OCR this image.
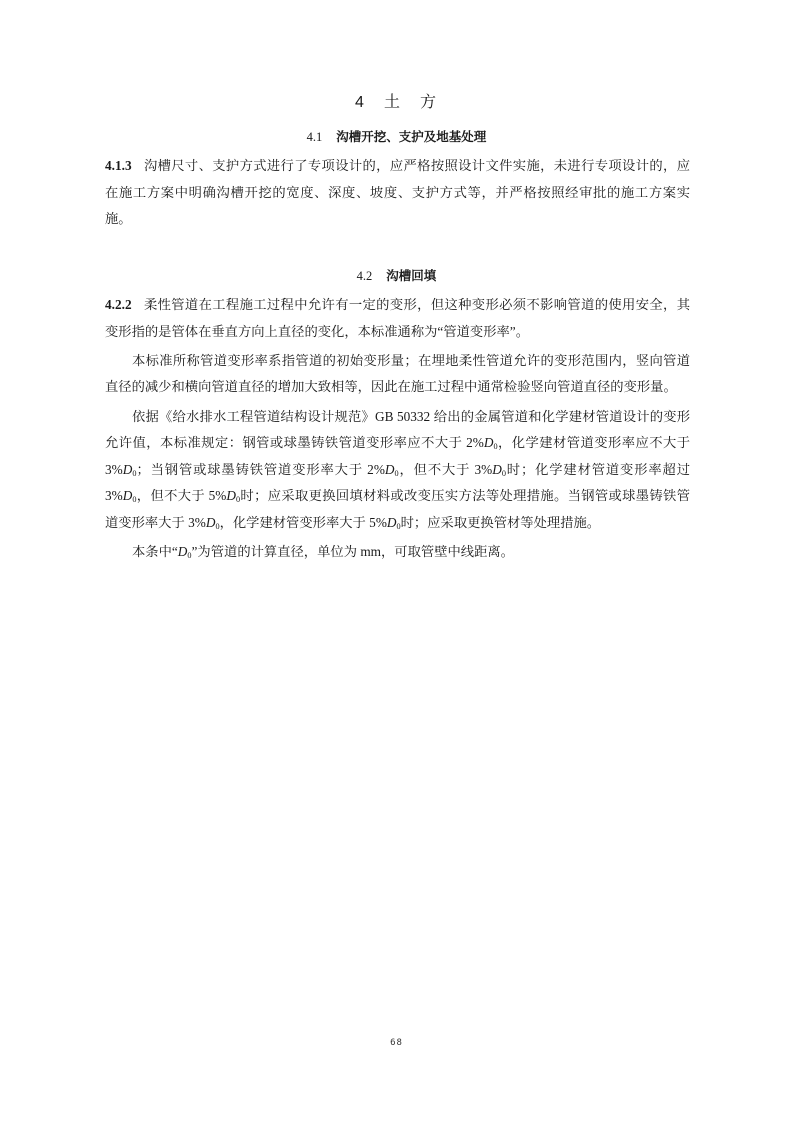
4　土　方
4.1 沟槽开挖、支护及地基处理
4.1.3 沟槽尺寸、支护方式进行了专项设计的，应严格按照设计文件实施，未进行专项设计的，应
在施工方案中明确沟槽开挖的宽度、深度、坡度、支护方式等，并严格按照经审批的施工方案实
施。
4.2 沟槽回填
4.2.2 柔性管道在工程施工过程中允许有一定的变形，但这种变形必须不影响管道的使用安全，其
变形指的是管体在垂直方向上直径的变化，本标准通称为“管道变形率”。
本标准所称管道变形率系指管道的初始变形量；在埋地柔性管道允许的变形范围内，竖向管道
直径的减少和横向管道直径的增加大致相等，因此在施工过程中通常检验竖向管道直径的变形量。
依据《给水排水工程管道结构设计规范》GB 50332 给出的金属管道和化学建材管道设计的变形
允许值，本标准规定：钢管或球墨铸铁管道变形率应不大于 $2\%D_0$，化学建材管道变形率应不大于
$3\%D_0$；当钢管或球墨铸铁管道变形率大于 $2\%D_0$，但不大于 $3\%D_0$时；化学建材管道变形率超过
$3\%D_0$，但不大于 $5\%D_0$时；应采取更换回填材料或改变压实方法等处理措施。当钢管或球墨铸铁管
道变形率大于 $3\%D_0$，化学建材管变形率大于 $5\%D_0$时；应采取更换管材等处理措施。
本条中“$D_0$”为管道的计算直径，单位为 mm，可取管壁中线距离。
68
